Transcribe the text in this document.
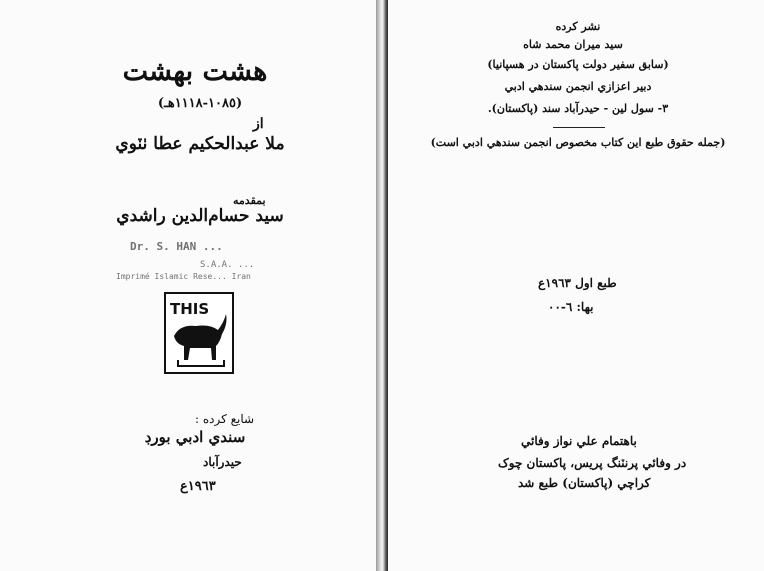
هشت بهشت
(١٠٨٥-١١١٨هـ)
از
ملا عبدالحكيم عطا ٺٽوي
بمقدمه
سيد حسام‌الدين راشدي
Dr. S. HAN ...
S.A.A. ...
Imprimé Islamic Rese... Iran
THIS
شایع کرده :
سندي ادبي بورڊ
حيدرآباد
١٩٦٣ع
نشر کرده
سيد ميران محمد شاه
(سابق سفير دولت پاکستان در هسپانیا)
دبير اعزازي انجمن سندهي ادبي
٣- سول لين - حيدرآباد سند (پاکستان).
(جمله حقوق طبع اين كتاب مخصوص انجمن سندهي ادبي است)
طبع اول ١٩٦٣ع
بها: ٦-٠٠
باهتمام علي نواز وفائي
در وفائي پرنٽنگ پريس، پاکستان چوک
کراچي (پاکستان) طبع شد
